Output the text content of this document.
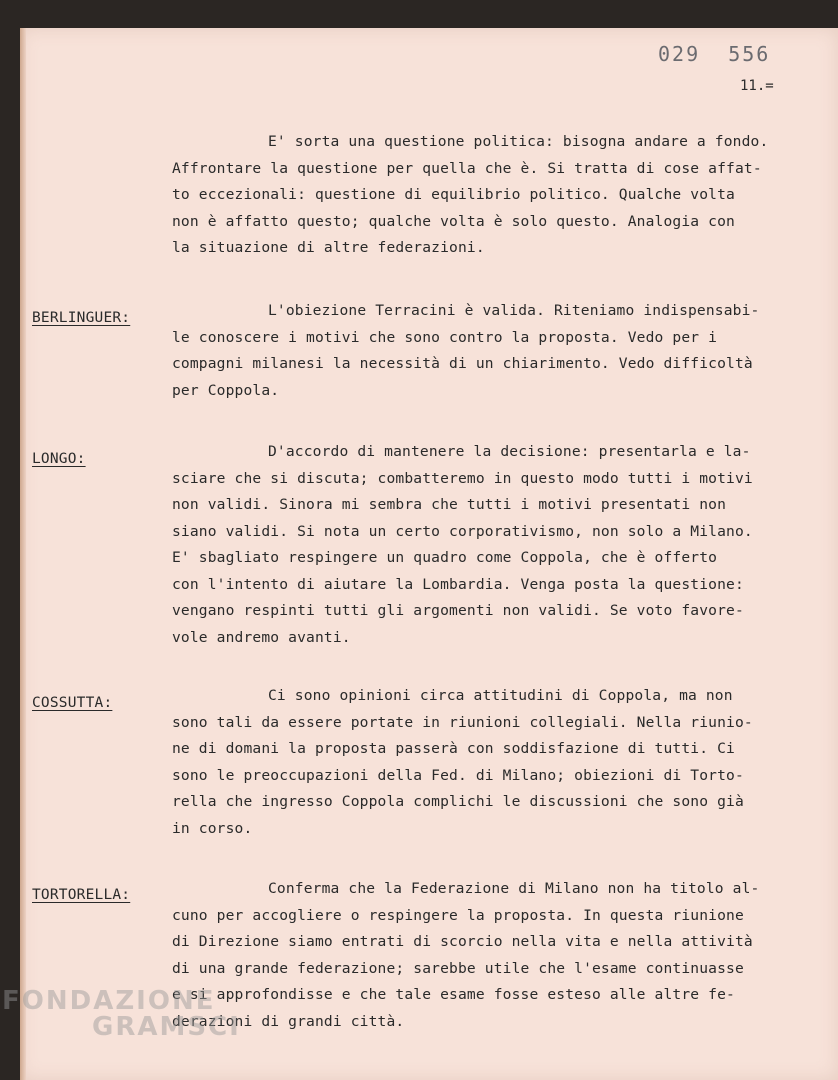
029  556
11.=
E' sorta una questione politica: bisogna andare a fondo.
Affrontare la questione per quella che è. Si tratta di cose affat-
to eccezionali: questione di equilibrio politico. Qualche volta
non è affatto questo; qualche volta è solo questo. Analogia con
la situazione di altre federazioni.
BERLINGUER:	L'obiezione Terracini è valida. Riteniamo indispensabi-
le conoscere i motivi che sono contro la proposta. Vedo per i
compagni milanesi la necessità di un chiarimento. Vedo difficoltà
per Coppola.
LONGO:	D'accordo di mantenere la decisione: presentarla e la-
sciare che si discuta; combatteremo in questo modo tutti i motivi
non validi. Sinora mi sembra che tutti i motivi presentati non
siano validi. Si nota un certo corporativismo, non solo a Milano.
E' sbagliato respingere un quadro come Coppola, che è offerto
con l'intento di aiutare la Lombardia. Venga posta la questione:
vengano respinti tutti gli argomenti non validi. Se voto favore-
vole andremo avanti.
COSSUTTA:	Ci sono opinioni circa attitudini di Coppola, ma non
sono tali da essere portate in riunioni collegiali. Nella riunio-
ne di domani la proposta passerà con soddisfazione di tutti. Ci
sono le preoccupazioni della Fed. di Milano; obiezioni di Torto-
rella che ingresso Coppola complichi le discussioni che sono già
in corso.
TORTORELLA:	Conferma che la Federazione di Milano non ha titolo al-
cuno per accogliere o respingere la proposta. In questa riunione
di Direzione siamo entrati di scorcio nella vita e nella attività
di una grande federazione; sarebbe utile che l'esame continuasse
e si approfondisse e che tale esame fosse esteso alle altre fe-
derazioni di grandi città.
FONDAZIONE
GRAMSCI
